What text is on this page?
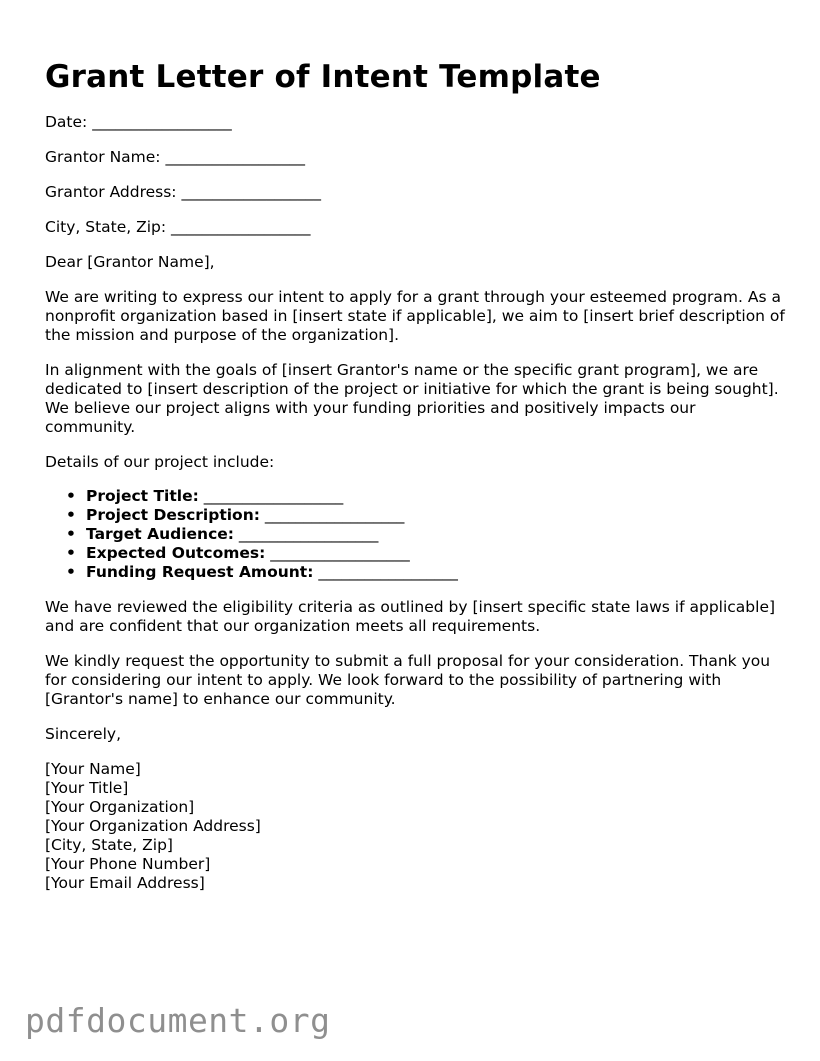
Grant Letter of Intent Template
Date: __________________
Grantor Name: __________________
Grantor Address: __________________
City, State, Zip: __________________
Dear [Grantor Name],

We are writing to express our intent to apply for a grant through your esteemed program. As a nonprofit organization based in [insert state if applicable], we aim to [insert brief description of the mission and purpose of the organization].

In alignment with the goals of [insert Grantor's name or the specific grant program], we are dedicated to [insert description of the project or initiative for which the grant is being sought]. We believe our project aligns with your funding priorities and positively impacts our community.

Details of our project include:
• Project Title: __________________
• Project Description: __________________
• Target Audience: __________________
• Expected Outcomes: __________________
• Funding Request Amount: __________________

We have reviewed the eligibility criteria as outlined by [insert specific state laws if applicable] and are confident that our organization meets all requirements.

We kindly request the opportunity to submit a full proposal for your consideration. Thank you for considering our intent to apply. We look forward to the possibility of partnering with [Grantor's name] to enhance our community.

Sincerely,
[Your Name]
[Your Title]
[Your Organization]
[Your Organization Address]
[City, State, Zip]
[Your Phone Number]
[Your Email Address]
pdfdocument.org
